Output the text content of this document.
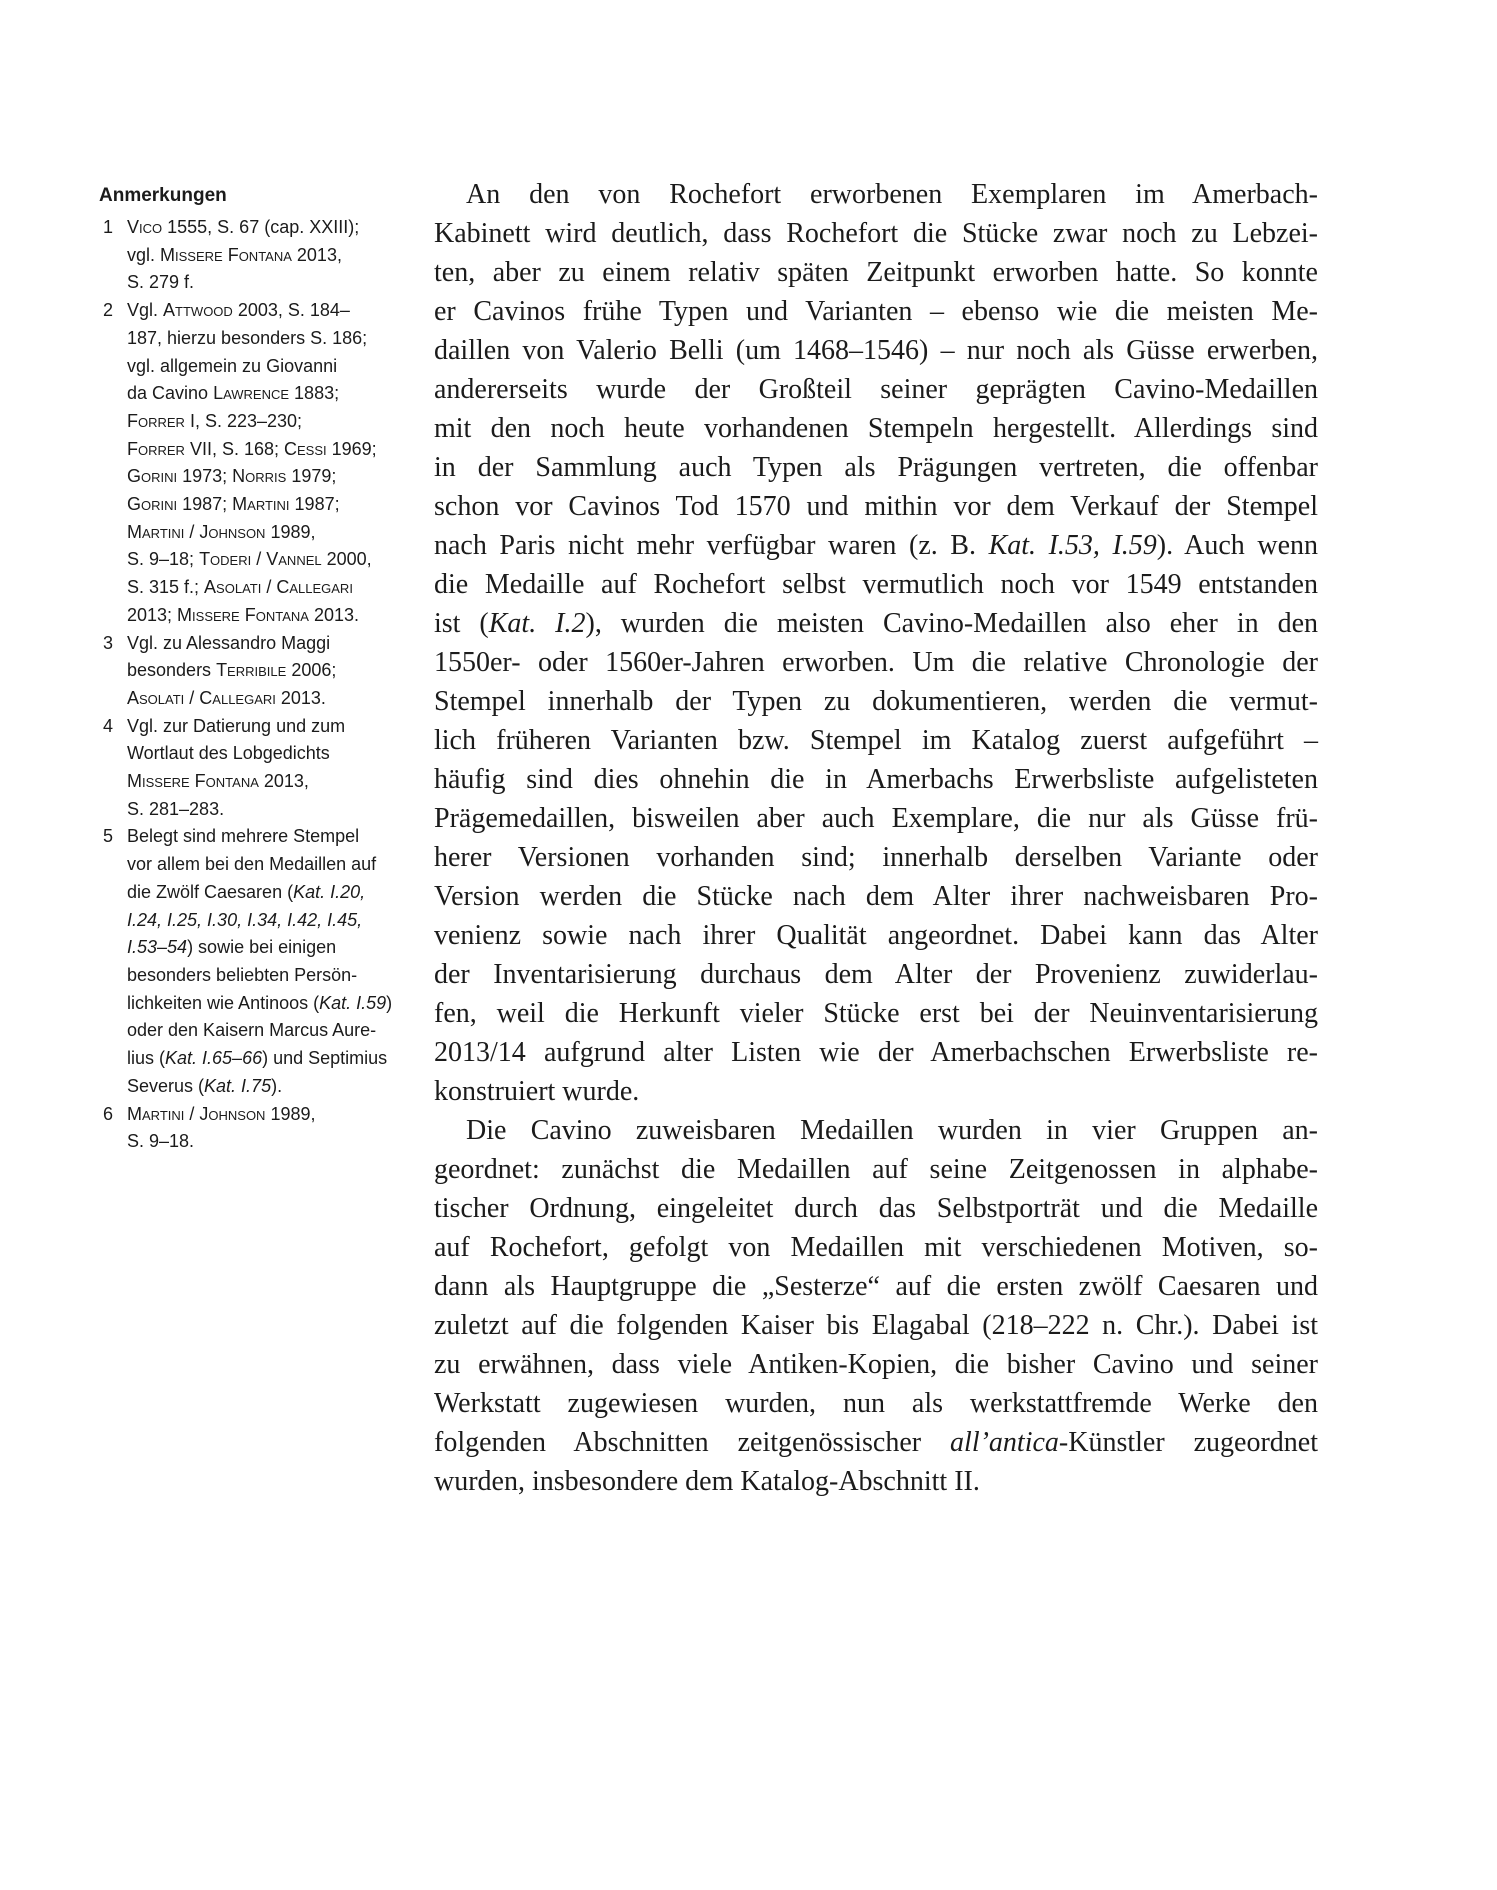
Anmerkungen
1 Vico 1555, S. 67 (cap. XXIII);
vgl. Missere Fontana 2013,
S. 279 f.
2 Vgl. Attwood 2003, S. 184–
187, hierzu besonders S. 186;
vgl. allgemein zu Giovanni
da Cavino Lawrence 1883;
Forrer I, S. 223–230;
Forrer VII, S. 168; Cessi 1969;
Gorini 1973; Norris 1979;
Gorini 1987; Martini 1987;
Martini / Johnson 1989,
S. 9–18; Toderi / Vannel 2000,
S. 315 f.; Asolati / Callegari
2013; Missere Fontana 2013.
3 Vgl. zu Alessandro Maggi
besonders Terribile 2006;
Asolati / Callegari 2013.
4 Vgl. zur Datierung und zum
Wortlaut des Lobgedichts
Missere Fontana 2013,
S. 281–283.
5 Belegt sind mehrere Stempel
vor allem bei den Medaillen auf
die Zwölf Caesaren (Kat. I.20,
I.24, I.25, I.30, I.34, I.42, I.45,
I.53–54) sowie bei einigen
besonders beliebten Persön-
lichkeiten wie Antinoos (Kat. I.59)
oder den Kaisern Marcus Aure-
lius (Kat. I.65–66) und Septimius
Severus (Kat. I.75).
6 Martini / Johnson 1989,
S. 9–18.
An den von Rochefort erworbenen Exemplaren im Amerbach-
Kabinett wird deutlich, dass Rochefort die Stücke zwar noch zu Lebzei-
ten, aber zu einem relativ späten Zeitpunkt erworben hatte. So konnte
er Cavinos frühe Typen und Varianten – ebenso wie die meisten Me-
daillen von Valerio Belli (um 1468–1546) – nur noch als Güsse erwerben,
andererseits wurde der Großteil seiner geprägten Cavino-Medaillen
mit den noch heute vorhandenen Stempeln hergestellt. Allerdings sind
in der Sammlung auch Typen als Prägungen vertreten, die offenbar
schon vor Cavinos Tod 1570 und mithin vor dem Verkauf der Stempel
nach Paris nicht mehr verfügbar waren (z. B. Kat. I.53, I.59). Auch wenn
die Medaille auf Rochefort selbst vermutlich noch vor 1549 entstanden
ist (Kat. I.2), wurden die meisten Cavino-Medaillen also eher in den
1550er- oder 1560er-Jahren erworben. Um die relative Chronologie der
Stempel innerhalb der Typen zu dokumentieren, werden die vermut-
lich früheren Varianten bzw. Stempel im Katalog zuerst aufgeführt –
häufig sind dies ohnehin die in Amerbachs Erwerbsliste aufgelisteten
Prägemedaillen, bisweilen aber auch Exemplare, die nur als Güsse frü-
herer Versionen vorhanden sind; innerhalb derselben Variante oder
Version werden die Stücke nach dem Alter ihrer nachweisbaren Pro-
venienz sowie nach ihrer Qualität angeordnet. Dabei kann das Alter
der Inventarisierung durchaus dem Alter der Provenienz zuwiderlau-
fen, weil die Herkunft vieler Stücke erst bei der Neuinventarisierung
2013/14 aufgrund alter Listen wie der Amerbachschen Erwerbsliste re-
konstruiert wurde.
Die Cavino zuweisbaren Medaillen wurden in vier Gruppen an-
geordnet: zunächst die Medaillen auf seine Zeitgenossen in alphabe-
tischer Ordnung, eingeleitet durch das Selbstporträt und die Medaille
auf Rochefort, gefolgt von Medaillen mit verschiedenen Motiven, so-
dann als Hauptgruppe die „Sesterze“ auf die ersten zwölf Caesaren und
zuletzt auf die folgenden Kaiser bis Elagabal (218–222 n. Chr.). Dabei ist
zu erwähnen, dass viele Antiken-Kopien, die bisher Cavino und seiner
Werkstatt zugewiesen wurden, nun als werkstattfremde Werke den
folgenden Abschnitten zeitgenössischer all’antica-Künstler zugeordnet
wurden, insbesondere dem Katalog-Abschnitt II.
